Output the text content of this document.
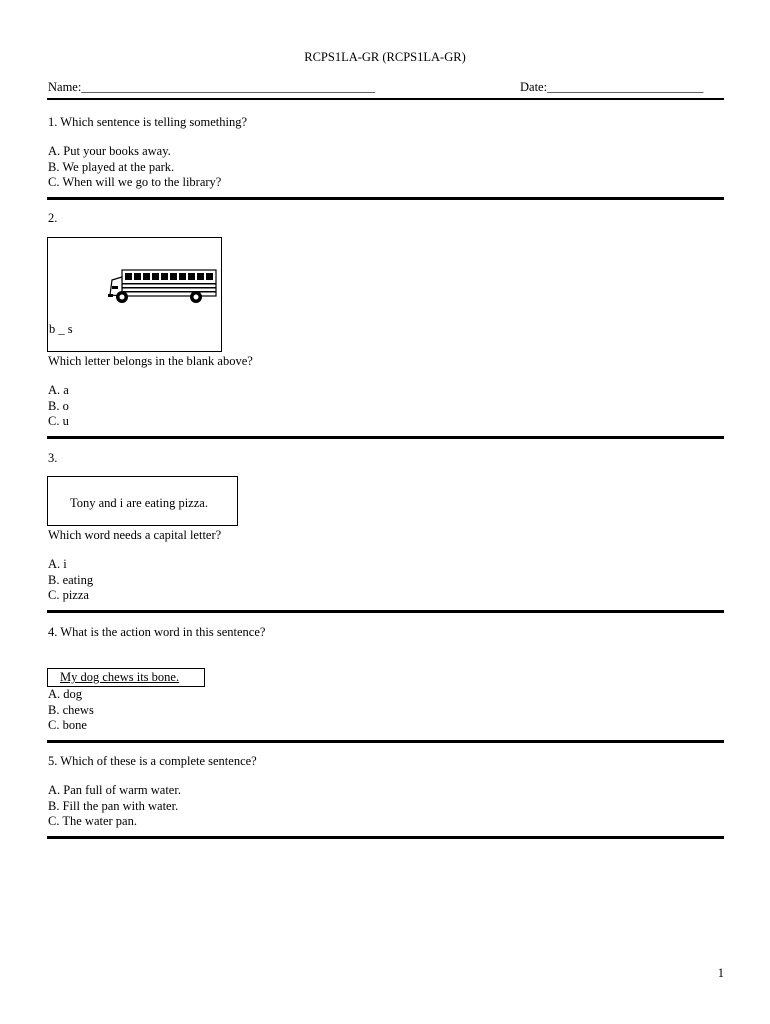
RCPS1LA-GR (RCPS1LA-GR)
Name:_______________________________________________	Date:_________________________
1. Which sentence is telling something?
A. Put your books away.
B. We played at the park.
C. When will we go to the library?
2.
b _ s
Which letter belongs in the blank above?
A. a
B. o
C. u
3.
Tony and i are eating pizza.
Which word needs a capital letter?
A. i
B. eating
C. pizza
4. What is the action word in this sentence?
My dog chews its bone.
A. dog
B. chews
C. bone
5. Which of these is a complete sentence?
A. Pan full of warm water.
B. Fill the pan with water.
C. The water pan.
1
